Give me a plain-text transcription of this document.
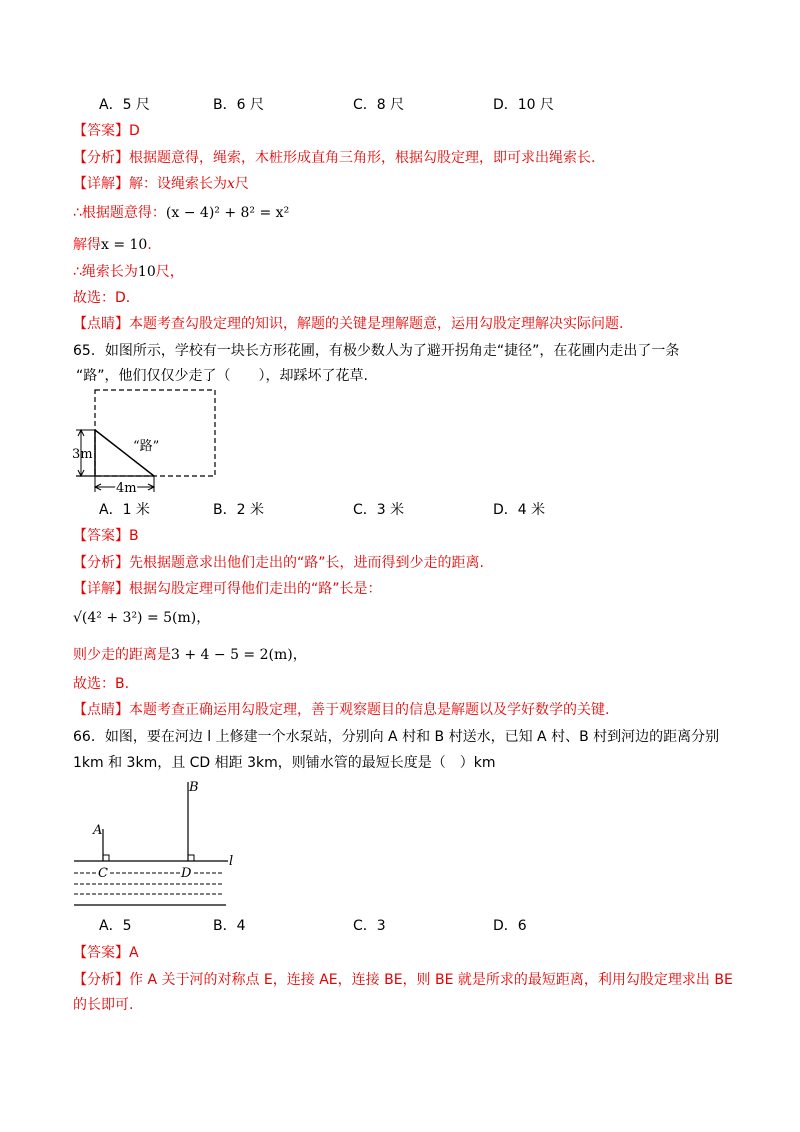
A．5 尺	B．6 尺	C．8 尺	D．10 尺
【答案】D
【分析】根据题意得，绳索，木桩形成直角三角形，根据勾股定理，即可求出绳索长.
【详解】解：设绳索长为x尺
∴根据题意得：(x − 4)² + 8² = x²
解得x = 10.
∴绳索长为10尺，
故选：D.
【点睛】本题考查勾股定理的知识，解题的关键是理解题意，运用勾股定理解决实际问题.
65．如图所示，学校有一块长方形花圃，有极少数人为了避开拐角走“捷径”，在花圃内走出了一条
“路”，他们仅仅少走了（　　），却踩坏了花草.
“路”
3m
4m
A．1 米	B．2 米	C．3 米	D．4 米
【答案】B
【分析】先根据题意求出他们走出的“路”长，进而得到少走的距离.
【详解】根据勾股定理可得他们走出的“路”长是：
√(4² + 3²) = 5(m)，
则少走的距离是3 + 4 − 5 = 2(m)，
故选：B.
【点睛】本题考查正确运用勾股定理，善于观察题目的信息是解题以及学好数学的关键.
66．如图，要在河边 l 上修建一个水泵站，分别向 A 村和 B 村送水，已知 A 村、B 村到河边的距离分别
1km 和 3km，且 CD 相距 3km，则铺水管的最短长度是（　）km
A
B
C	D
l
A．5	B．4	C．3	D．6
【答案】A
【分析】作 A 关于河的对称点 E，连接 AE，连接 BE，则 BE 就是所求的最短距离，利用勾股定理求出 BE
的长即可.
